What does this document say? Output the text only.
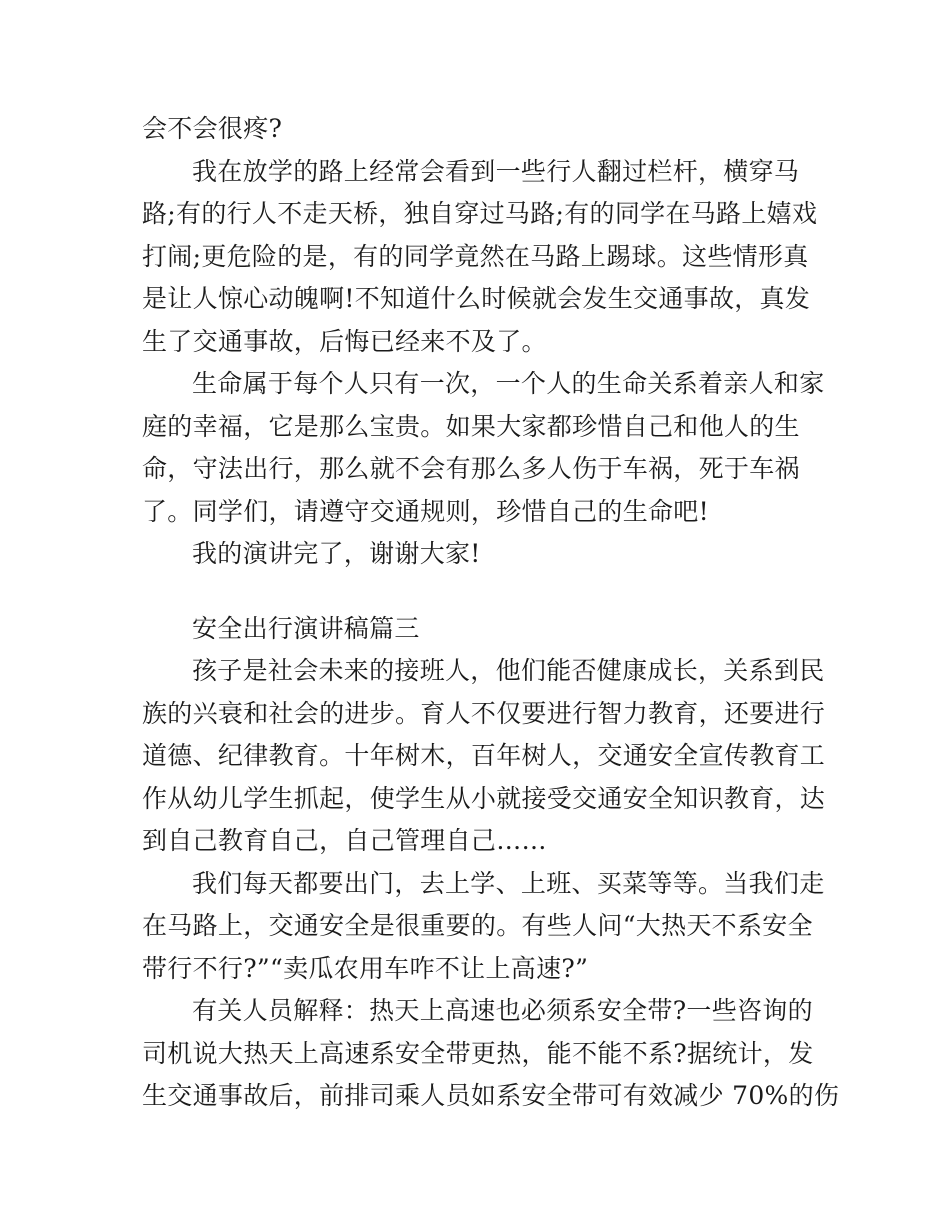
会不会很疼?
我在放学的路上经常会看到一些行人翻过栏杆，横穿马
路;有的行人不走天桥，独自穿过马路;有的同学在马路上嬉戏
打闹;更危险的是，有的同学竟然在马路上踢球。这些情形真
是让人惊心动魄啊!不知道什么时候就会发生交通事故，真发
生了交通事故，后悔已经来不及了。
生命属于每个人只有一次，一个人的生命关系着亲人和家
庭的幸福，它是那么宝贵。如果大家都珍惜自己和他人的生
命，守法出行，那么就不会有那么多人伤于车祸，死于车祸
了。同学们，请遵守交通规则，珍惜自己的生命吧!
我的演讲完了，谢谢大家!
安全出行演讲稿篇三
孩子是社会未来的接班人，他们能否健康成长，关系到民
族的兴衰和社会的进步。育人不仅要进行智力教育，还要进行
道德、纪律教育。十年树木，百年树人，交通安全宣传教育工
作从幼儿学生抓起，使学生从小就接受交通安全知识教育，达
到自己教育自己，自己管理自己……
我们每天都要出门，去上学、上班、买菜等等。当我们走
在马路上，交通安全是很重要的。有些人问“大热天不系安全
带行不行?”“卖瓜农用车咋不让上高速?”
有关人员解释：热天上高速也必须系安全带?一些咨询的
司机说大热天上高速系安全带更热，能不能不系?据统计，发
生交通事故后，前排司乘人员如系安全带可有效减少 70%的伤
